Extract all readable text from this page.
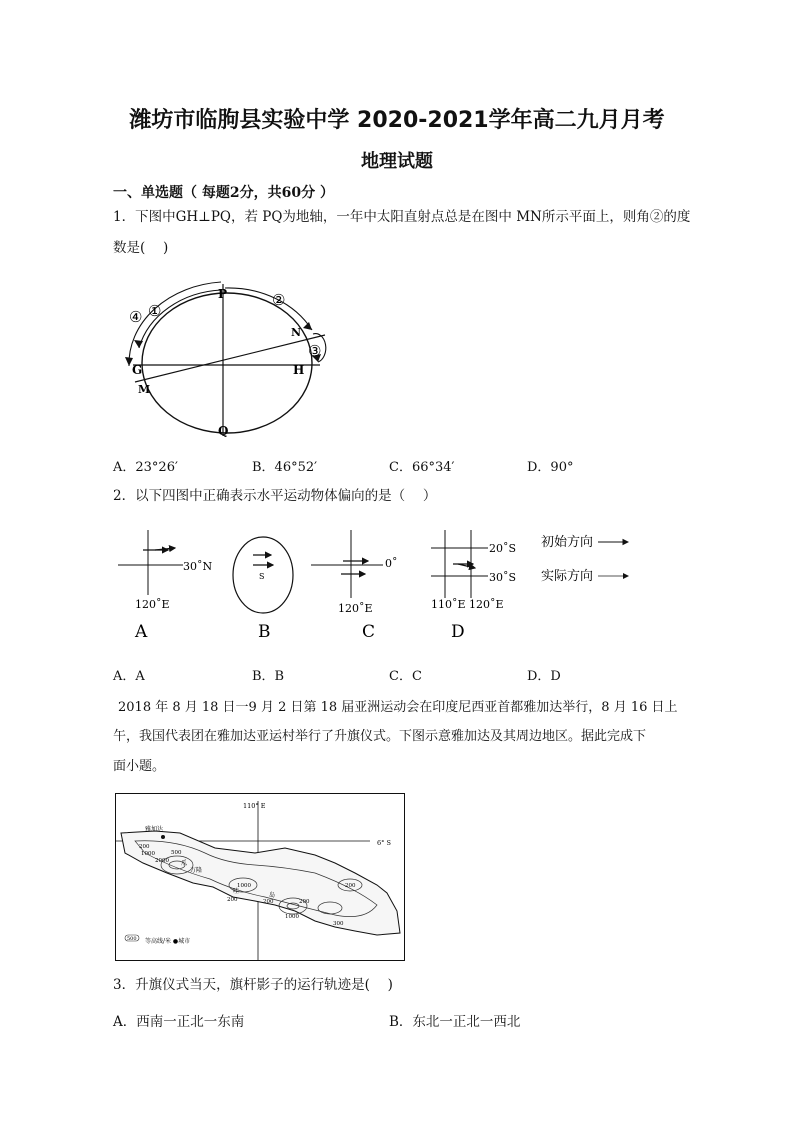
潍坊市临朐县实验中学 2020-2021学年高二九月月考
地理试题
一、单选题（ 每题2分，共60分 ）
1．下图中GH⊥PQ，若 PQ为地轴，一年中太阳直射点总是在图中 MN所示平面上，则角②的度
数是(　 )
P
Q
G	H
M
N
①
④
②
③
A．23°26′	B．46°52′	C．66°34′	D．90°
2．以下四图中正确表示水平运动物体偏向的是（　 ）
30˚N
120˚E
A
S
B
0˚
120˚E
C
20˚S
30˚S
110˚E 120˚E
D
初始方向
实际方向
A．A	B．B	C．C	D．D
2018 年 8 月 18 日一9 月 2 日第 18 届亚洲运动会在印度尼西亚首都雅加达举行，8 月 16 日上
午，我国代表团在雅加达亚运村举行了升旗仪式。下图示意雅加达及其周边地区。据此完成下
面小题。
雅加达
110° E
6° S
200
1000
2000
500
爪
万隆
哇
200
1000
200
岛
200
1000
300
200
500 等高线/米 ●城市
3．升旗仪式当天，旗杆影子的运行轨迹是(　 )
A．西南一正北一东南	B．东北一正北一西北
